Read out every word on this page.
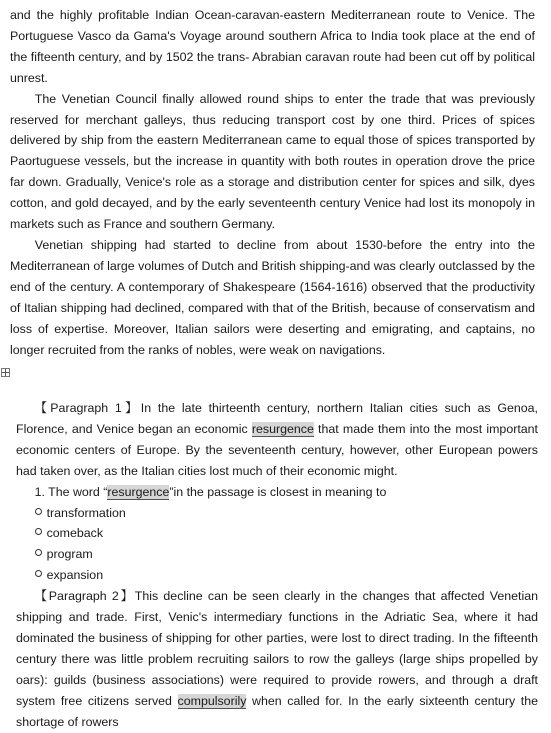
and the highly profitable Indian Ocean-caravan-eastern Mediterranean route to Venice. The Portuguese Vasco da Gama's Voyage around southern Africa to India took place at the end of the fifteenth century, and by 1502 the trans- Abrabian caravan route had been cut off by political unrest.

The Venetian Council finally allowed round ships to enter the trade that was previously reserved for merchant galleys, thus reducing transport cost by one third. Prices of spices delivered by ship from the eastern Mediterranean came to equal those of spices transported by Paortuguese vessels, but the increase in quantity with both routes in operation drove the price far down. Gradually, Venice's role as a storage and distribution center for spices and silk, dyes cotton, and gold decayed, and by the early seventeenth century Venice had lost its monopoly in markets such as France and southern Germany.

Venetian shipping had started to decline from about 1530-before the entry into the Mediterranean of large volumes of Dutch and British shipping-and was clearly outclassed by the end of the century. A contemporary of Shakespeare (1564-1616) observed that the productivity of Italian shipping had declined, compared with that of the British, because of conservatism and loss of expertise. Moreover, Italian sailors were deserting and emigrating, and captains, no longer recruited from the ranks of nobles, were weak on navigations.

【Paragraph 1】In the late thirteenth century, northern Italian cities such as Genoa, Florence, and Venice began an economic resurgence that made them into the most important economic centers of Europe. By the seventeenth century, however, other European powers had taken over, as the Italian cities lost much of their economic might.

1. The word “resurgence”in the passage is closest in meaning to

transformation
comeback
program
expansion

【Paragraph 2】This decline can be seen clearly in the changes that affected Venetian shipping and trade. First, Venic's intermediary functions in the Adriatic Sea, where it had dominated the business of shipping for other parties, were lost to direct trading. In the fifteenth century there was little problem recruiting sailors to row the galleys (large ships propelled by oars): guilds (business associations) were required to provide rowers, and through a draft system free citizens served compulsorily when called for. In the early sixteenth century the shortage of rowers
